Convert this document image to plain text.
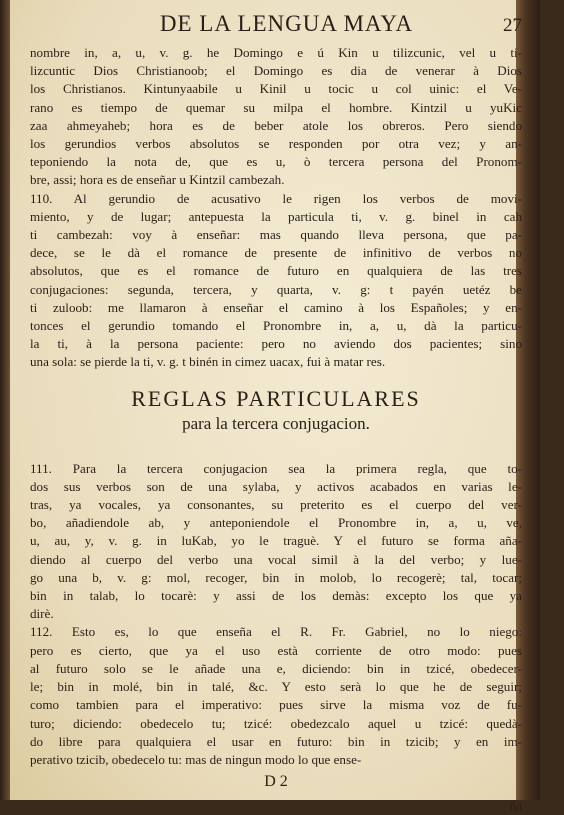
DE LA LENGUA MAYA	27
nombre in, a, u, v. g. he Domingo e ú Kin u tilizcunic, vel u ti-
lizcuntic Dios Christianoob; el Domingo es dia de venerar à Dios
los Christianos. Kintunyaabile u Kinil u tocic u col uinic: el Ve-
rano es tiempo de quemar su milpa el hombre. Kintzil u yuKic
zaa ahmeyaheb; hora es de beber atole los obreros. Pero siendo
los gerundios verbos absolutos se responden por otra vez; y an-
teponiendo la nota de, que es u, ò tercera persona del Pronom-
bre, assi; hora es de enseñar u Kintzil cambezah.
110. Al gerundio de acusativo le rigen los verbos de movi-
miento, y de lugar; antepuesta la particula ti, v. g. binel in cah
ti cambezah: voy à enseñar: mas quando lleva persona, que pa-
dece, se le dà el romance de presente de infinitivo de verbos no
absolutos, que es el romance de futuro en qualquiera de las tres
conjugaciones: segunda, tercera, y quarta, v. g: t payén uetéz be
ti zuloob: me llamaron à enseñar el camino à los Españoles; y en-
tonces el gerundio tomando el Pronombre in, a, u, dà la particu-
la ti, à la persona paciente: pero no aviendo dos pacientes; sino
una sola: se pierde la ti, v. g. t binén in cimez uacax, fui à matar res.
REGLAS PARTICULARES
para la tercera conjugacion.
111. Para la tercera conjugacion sea la primera regla, que to-
dos sus verbos son de una sylaba, y activos acabados en varias le-
tras, ya vocales, ya consonantes, su preterito es el cuerpo del ver-
bo, añadiendole ab, y anteponiendole el Pronombre in, a, u, ve,
u, au, y, v. g. in luKab, yo le traguè. Y el futuro se forma aña-
diendo al cuerpo del verbo una vocal simil à la del verbo; y lue-
go una b, v. g: mol, recoger, bin in molob, lo recogerè; tal, tocar;
bin in talab, lo tocarè: y assi de los demàs: excepto los que ya
dirè.
112. Esto es, lo que enseña el R. Fr. Gabriel, no lo niego:
pero es cierto, que ya el uso està corriente de otro modo: pues
al futuro solo se le añade una e, diciendo: bin in tzicé, obedecer-
le; bin in molé, bin in talé, &c. Y esto serà lo que he de seguir;
como tambien para el imperativo: pues sirve la misma voz de fu-
turo; diciendo: obedecelo tu; tzicé: obedezcalo aquel u tzicé: quedà-
do libre para qualquiera el usar en futuro: bin in tzicib; y en im-
perativo tzicib, obedecelo tu: mas de ningun modo lo que ense-
D 2
ña
